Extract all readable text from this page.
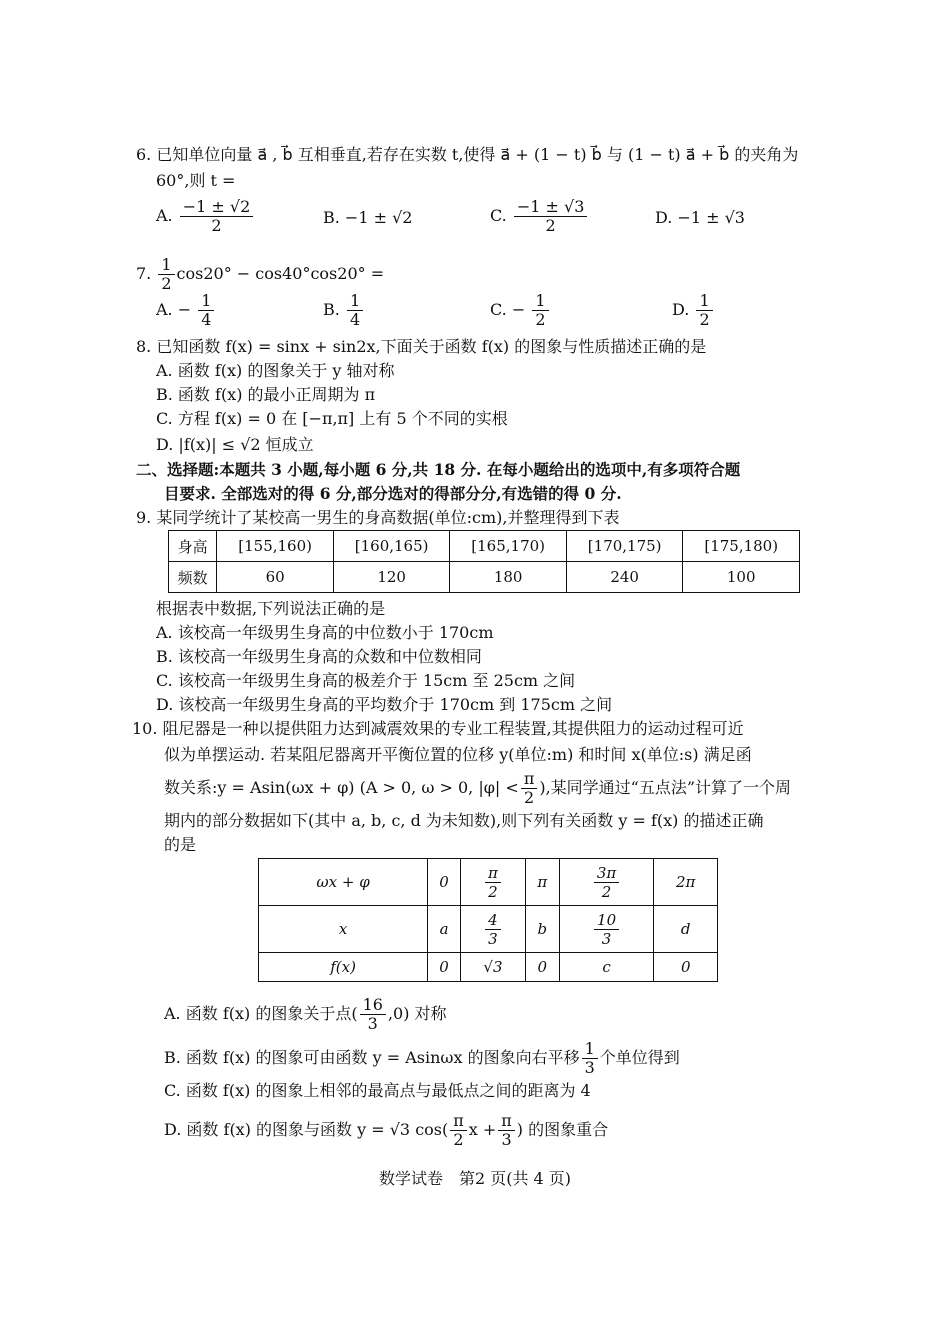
6. 已知单位向量 a⃗ , b⃗ 互相垂直,若存在实数 t,使得 a⃗ + (1 − t) b⃗ 与 (1 − t) a⃗ + b⃗ 的夹角为
60°,则 t =
A. $\frac{-1 \pm √2}{2}$	B. −1 ± √2	C. $\frac{-1 \pm √3}{2}$	D. −1 ± √3
7. $\frac{1}{2} \cos 20^\circ - \cos 40^\circ\cos 20^\circ$ =
A. − $\frac{1}{4}$	B. $\frac{1}{4}$	C. − $\frac{1}{2}$	D. $\frac{1}{2}$
8. 已知函数 f(x) = sinx + sin2x,下面关于函数 f(x) 的图象与性质描述正确的是
A. 函数 f(x) 的图象关于 y 轴对称
B. 函数 f(x) 的最小正周期为 π
C. 方程 f(x) = 0 在 [−π,π] 上有 5 个不同的实根
D. |f(x)| ≤ √2 恒成立
二、选择题:本题共 3 小题,每小题 6 分,共 18 分. 在每小题给出的选项中,有多项符合题
目要求. 全部选对的得 6 分,部分选对的得部分分,有选错的得 0 分.
9. 某同学统计了某校高一男生的身高数据(单位:cm),并整理得到下表
身高	[155,160)	[160,165)	[165,170)	[170,175)	[175,180)
频数	60	120	180	240	100
根据表中数据,下列说法正确的是
A. 该校高一年级男生身高的中位数小于 170cm
B. 该校高一年级男生身高的众数和中位数相同
C. 该校高一年级男生身高的极差介于 15cm 至 25cm 之间
D. 该校高一年级男生身高的平均数介于 170cm 到 175cm 之间
10. 阻尼器是一种以提供阻力达到减震效果的专业工程装置,其提供阻力的运动过程可近
似为单摆运动. 若某阻尼器离开平衡位置的位移 y(单位:m) 和时间 x(单位:s) 满足函
数关系:y = Asin(ωx + φ) (A > 0, ω > 0, $|\varphi| < \frac{\pi}{2}$ ),某同学通过“五点法”计算了一个周
期内的部分数据如下(其中 a, b, c, d 为未知数),则下列有关函数 y = f(x) 的描述正确
的是
ωx + φ	0	$\frac{\pi}{2}$	π	$\frac{3\pi}{2}$	2π
x	a	$\frac{4}{3}$	b	$\frac{10}{3}$	d
f(x)	0	√3	0	c	0
A. 函数 f(x) 的图象关于点( $\frac{16}{3} ,0$) 对称
B. 函数 f(x) 的图象可由函数 y = Asinωx 的图象向右平移 $\frac{1}{3}$ 个单位得到
C. 函数 f(x) 的图象上相邻的最高点与最低点之间的距离为 4
D. 函数 f(x) 的图象与函数 y = √3 $\cos( \frac{\pi}{2}$ $x + \frac{\pi}{3}$ ) 的图象重合
数学试卷　第2 页(共 4 页)
